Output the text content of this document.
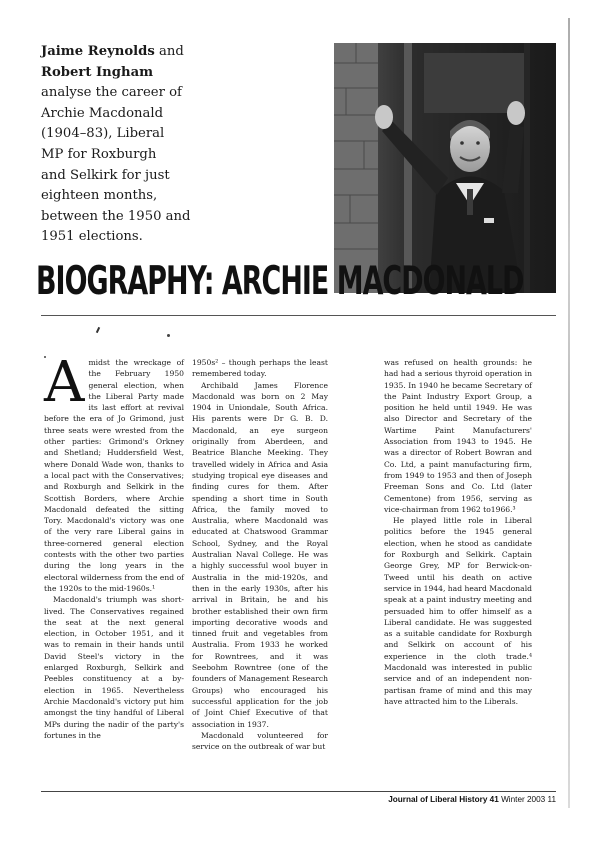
Jaime Reynolds and
Robert Ingham
analyse the career of
Archie Macdonald
(1904–83), Liberal
MP for Roxburgh
and Selkirk for just
eighteen months,
between the 1950 and
1951 elections.
BIOGRAPHY: ARCHIE MACDONALD
A midst the wreckage of the February 1950 general election, when the Liberal Party made its last effort at revival before the era of Jo Grimond, just three seats were wrested from the other parties: Grimond's Orkney and Shetland; Huddersfield West, where Donald Wade won, thanks to a local pact with the Conservatives; and Roxburgh and Selkirk in the Scottish Borders, where Archie Macdonald defeated the sitting Tory. Macdonald's victory was one of the very rare Liberal gains in three-cornered general election contests with the other two parties during the long years in the electoral wilderness from the end of the 1920s to the mid-1960s.¹

Macdonald's triumph was short-lived. The Conservatives regained the seat at the next general election, in October 1951, and it was to remain in their hands until David Steel's victory in the enlarged Roxburgh, Selkirk and Peebles constituency at a by-election in 1965. Nevertheless Archie Macdonald's victory put him amongst the tiny handful of Liberal MPs during the nadir of the party's fortunes in the

1950s² – though perhaps the least remembered today.

Archibald James Florence Macdonald was born on 2 May 1904 in Uniondale, South Africa. His parents were Dr G. B. D. Macdonald, an eye surgeon originally from Aberdeen, and Beatrice Blanche Meeking. They travelled widely in Africa and Asia studying tropical eye diseases and finding cures for them. After spending a short time in South Africa, the family moved to Australia, where Macdonald was educated at Chatswood Grammar School, Sydney, and the Royal Australian Naval College. He was a highly successful wool buyer in Australia in the mid-1920s, and then in the early 1930s, after his arrival in Britain, he and his brother established their own firm importing decorative woods and tinned fruit and vegetables from Australia. From 1933 he worked for Rowntrees, and it was Seebohm Rowntree (one of the founders of Management Research Groups) who encouraged his successful application for the job of Joint Chief Executive of that association in 1937.

Macdonald volunteered for service on the outbreak of war but

was refused on health grounds: he had had a serious thyroid operation in 1935. In 1940 he became Secretary of the Paint Industry Export Group, a position he held until 1949. He was also Director and Secretary of the Wartime Paint Manufacturers' Association from 1943 to 1945. He was a director of Robert Bowran and Co. Ltd, a paint manufacturing firm, from 1949 to 1953 and then of Joseph Freeman Sons and Co. Ltd (later Cementone) from 1956, serving as vice-chairman from 1962 to1966.³

He played little role in Liberal politics before the 1945 general election, when he stood as candidate for Roxburgh and Selkirk. Captain George Grey, MP for Berwick-on-Tweed until his death on active service in 1944, had heard Macdonald speak at a paint industry meeting and persuaded him to offer himself as a Liberal candidate. He was suggested as a suitable candidate for Roxburgh and Selkirk on account of his experience in the cloth trade.⁴ Macdonald was interested in public service and of an independent non-partisan frame of mind and this may have attracted him to the Liberals.

Journal of Liberal History 41 Winter 2003 11
